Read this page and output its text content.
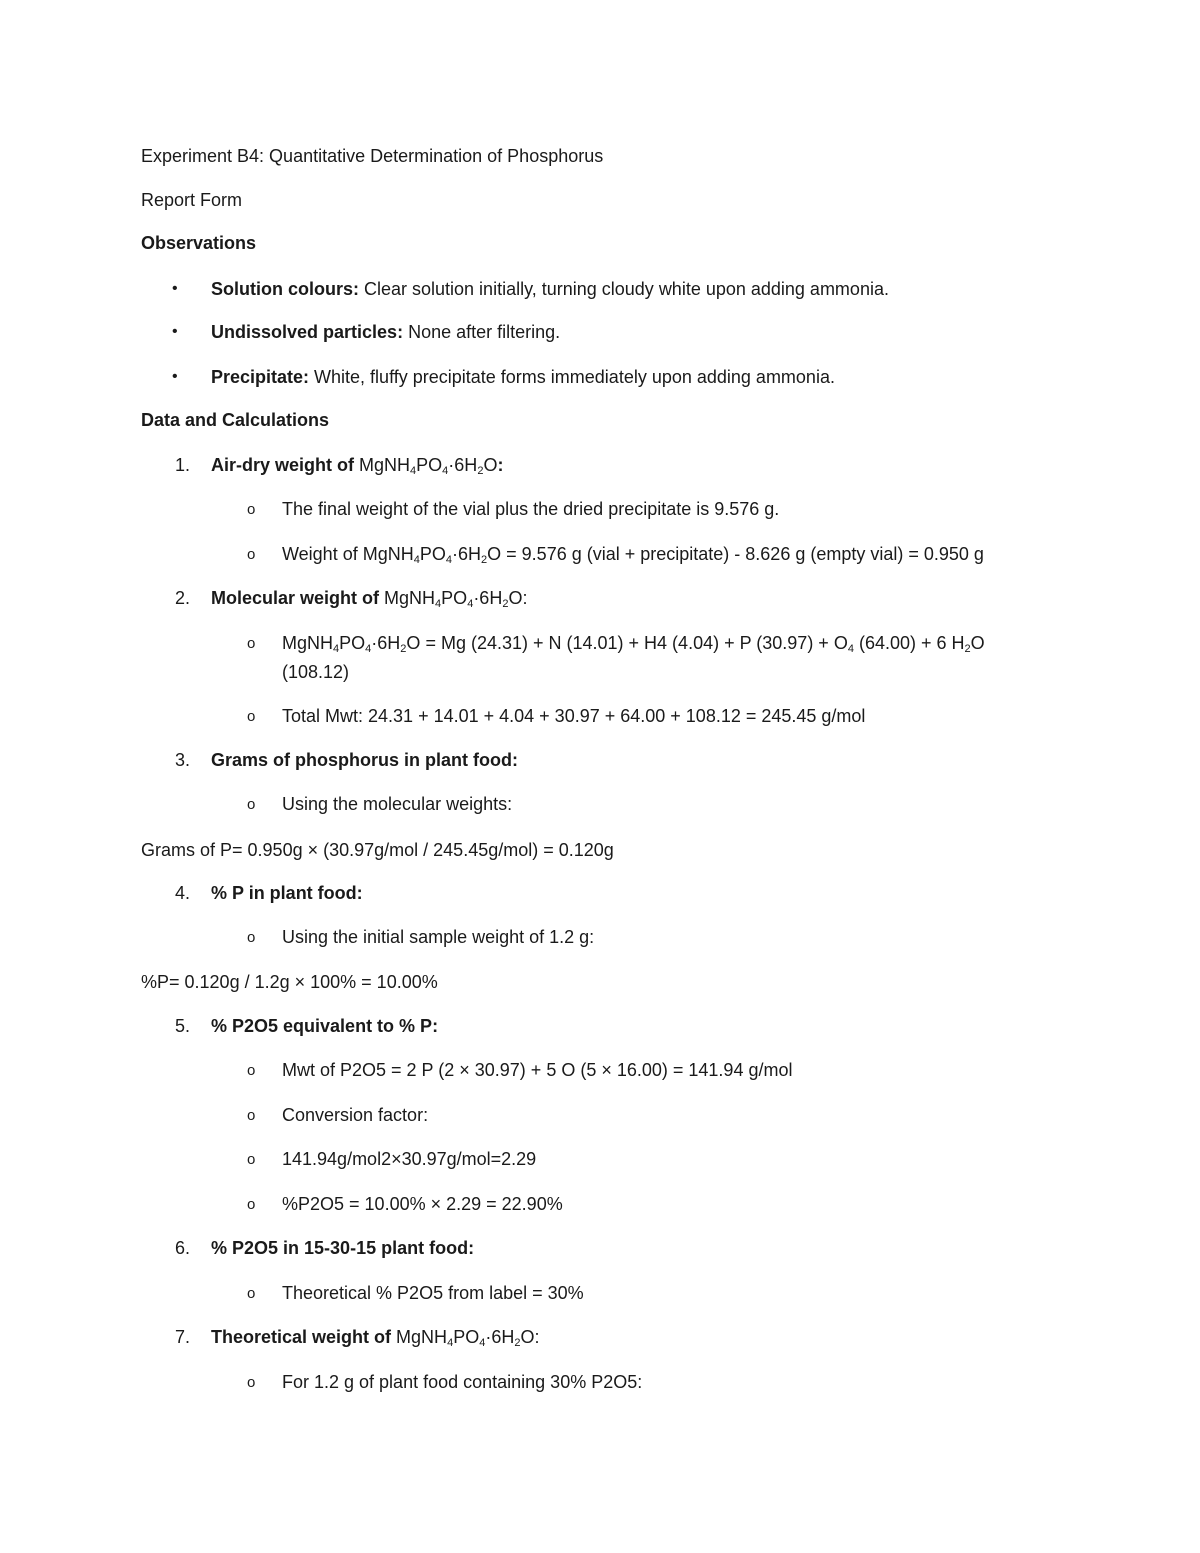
Experiment B4: Quantitative Determination of Phosphorus
Report Form
Observations
• Solution colours: Clear solution initially, turning cloudy white upon adding ammonia.
• Undissolved particles: None after filtering.
• Precipitate: White, fluffy precipitate forms immediately upon adding ammonia.
Data and Calculations
1. Air-dry weight of $MgNH_4PO_4\cdot 6H_2O$:
o The final weight of the vial plus the dried precipitate is 9.576 g.
o Weight of $MgNH_4PO_4\cdot 6H_2O = 9.576$ g (vial + precipitate) - 8.626 g (empty vial) = 0.950 g
2. Molecular weight of $MgNH_4PO_4\cdot 6H_2O$:
o $MgNH_4PO_4\cdot 6H_2O = Mg$ (24.31) + N (14.01) + H4 (4.04) + P $(30.97) + O_4$ (64.00) + 6 $H_2O$
(108.12)
o Total Mwt: 24.31 + 14.01 + 4.04 + 30.97 + 64.00 + 108.12 = 245.45 g/mol
3. Grams of phosphorus in plant food:
o Using the molecular weights:
Grams of P= 0.950g × (30.97g/mol / 245.45g/mol) = 0.120g
4. % P in plant food:
o Using the initial sample weight of 1.2 g:
%P= 0.120g / 1.2g × 100% = 10.00%
5. % P2O5 equivalent to % P:
o Mwt of P2O5 = 2 P (2 × 30.97) + 5 O (5 × 16.00) = 141.94 g/mol
o Conversion factor:
o 141.94g/mol2×30.97g/mol=2.29
o %P2O5 = 10.00% × 2.29 = 22.90%
6. % P2O5 in 15-30-15 plant food:
o Theoretical % P2O5 from label = 30%
7. Theoretical weight of $MgNH_4PO_4\cdot 6H_2O$:
o For 1.2 g of plant food containing 30% P2O5:
